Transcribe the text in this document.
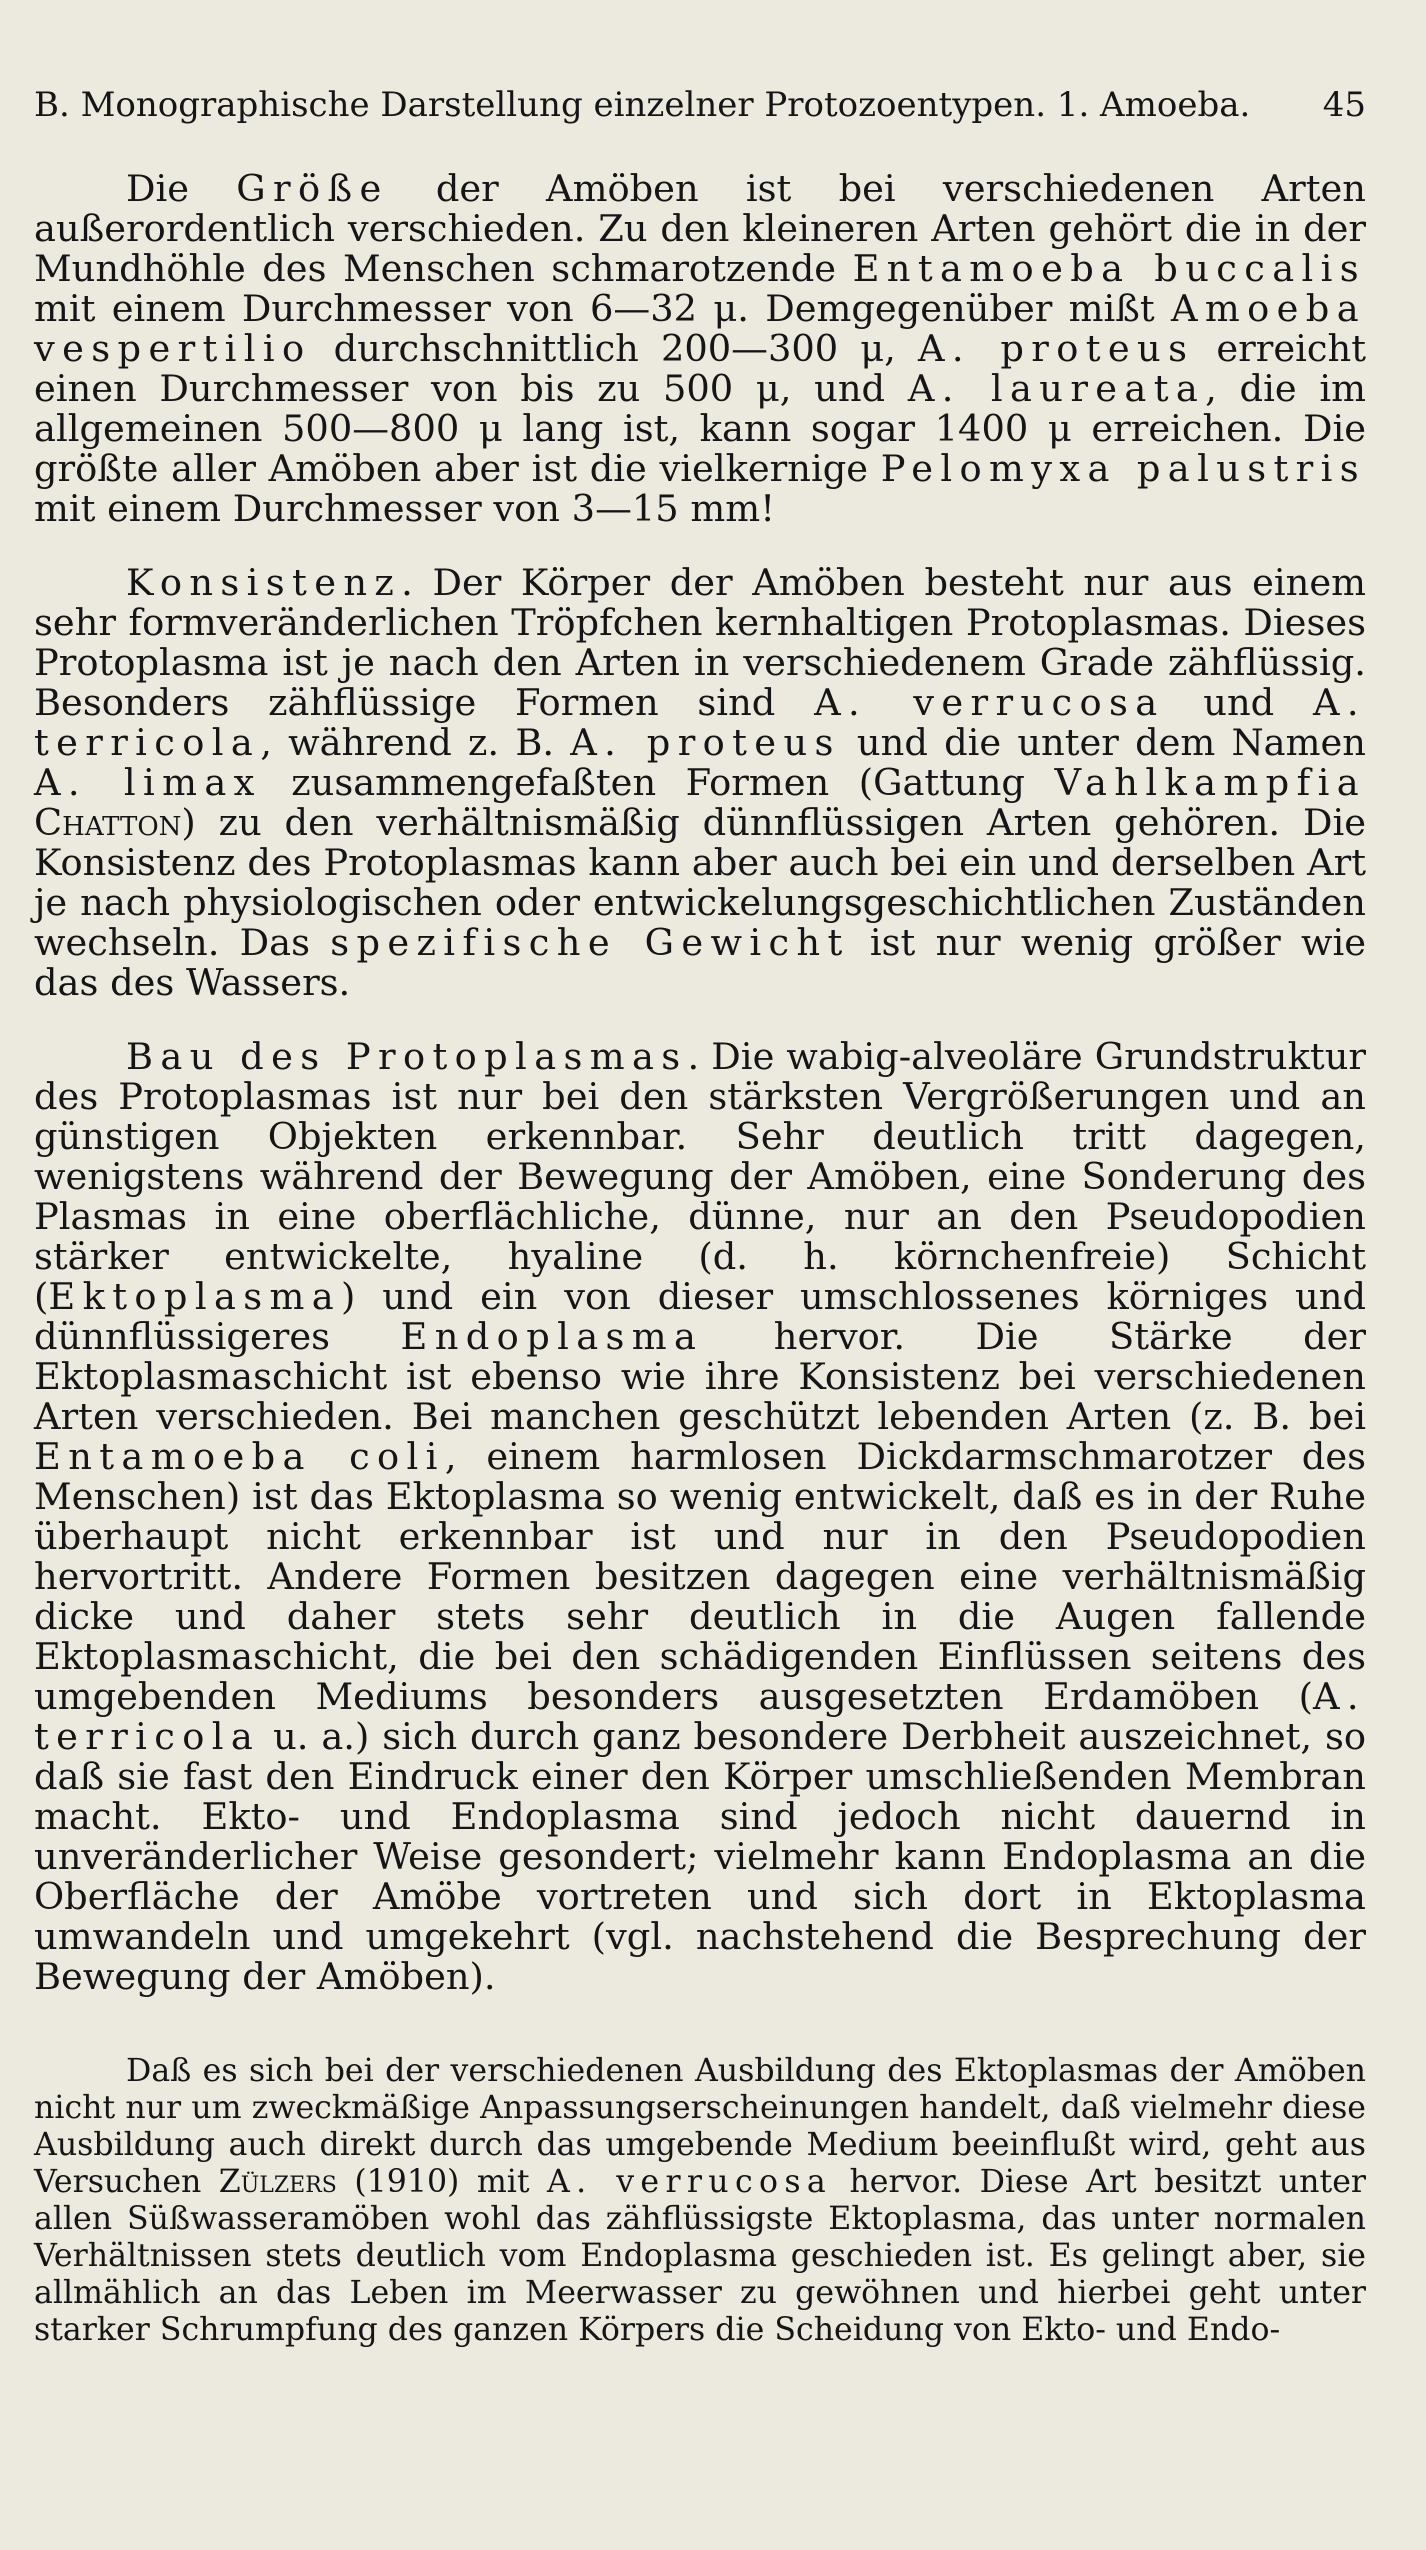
B. Monographische Darstellung einzelner Protozoentypen. 1. Amoeba. 45

Die Größe der Amöben ist bei verschiedenen Arten außerordentlich verschieden. Zu den kleineren Arten gehört die in der Mundhöhle des Menschen schmarotzende Entamoeba buccalis mit einem Durchmesser von 6—32 μ. Demgegenüber mißt Amoeba vespertilio durchschnittlich 200—300 μ, A. proteus erreicht einen Durchmesser von bis zu 500 μ, und A. laureata, die im allgemeinen 500—800 μ lang ist, kann sogar 1400 μ erreichen. Die größte aller Amöben aber ist die vielkernige Pelomyxa palustris mit einem Durchmesser von 3—15 mm!

Konsistenz. Der Körper der Amöben besteht nur aus einem sehr formveränderlichen Tröpfchen kernhaltigen Protoplasmas. Dieses Protoplasma ist je nach den Arten in verschiedenem Grade zähflüssig. Besonders zähflüssige Formen sind A. verrucosa und A. terricola, während z. B. A. proteus und die unter dem Namen A. limax zusammengefaßten Formen (Gattung Vahlkampfia Chatton) zu den verhältnismäßig dünnflüssigen Arten gehören. Die Konsistenz des Protoplasmas kann aber auch bei ein und derselben Art je nach physiologischen oder entwickelungsgeschichtlichen Zuständen wechseln. Das spezifische Gewicht ist nur wenig größer wie das des Wassers.

Bau des Protoplasmas. Die wabig-alveoläre Grundstruktur des Protoplasmas ist nur bei den stärksten Vergrößerungen und an günstigen Objekten erkennbar. Sehr deutlich tritt dagegen, wenigstens während der Bewegung der Amöben, eine Sonderung des Plasmas in eine oberflächliche, dünne, nur an den Pseudopodien stärker entwickelte, hyaline (d. h. körnchenfreie) Schicht (Ektoplasma) und ein von dieser umschlossenes körniges und dünnflüssigeres Endoplasma hervor. Die Stärke der Ektoplasmaschicht ist ebenso wie ihre Konsistenz bei verschiedenen Arten verschieden. Bei manchen geschützt lebenden Arten (z. B. bei Entamoeba coli, einem harmlosen Dickdarmschmarotzer des Menschen) ist das Ektoplasma so wenig entwickelt, daß es in der Ruhe überhaupt nicht erkennbar ist und nur in den Pseudopodien hervortritt. Andere Formen besitzen dagegen eine verhältnismäßig dicke und daher stets sehr deutlich in die Augen fallende Ektoplasmaschicht, die bei den schädigenden Einflüssen seitens des umgebenden Mediums besonders ausgesetzten Erdamöben (A. terricola u. a.) sich durch ganz besondere Derbheit auszeichnet, so daß sie fast den Eindruck einer den Körper umschließenden Membran macht. Ekto- und Endoplasma sind jedoch nicht dauernd in unveränderlicher Weise gesondert; vielmehr kann Endoplasma an die Oberfläche der Amöbe vortreten und sich dort in Ektoplasma umwandeln und umgekehrt (vgl. nachstehend die Besprechung der Bewegung der Amöben).

Daß es sich bei der verschiedenen Ausbildung des Ektoplasmas der Amöben nicht nur um zweckmäßige Anpassungserscheinungen handelt, daß vielmehr diese Ausbildung auch direkt durch das umgebende Medium beeinflußt wird, geht aus Versuchen Zülzers (1910) mit A. verrucosa hervor. Diese Art besitzt unter allen Süßwasseramöben wohl das zähflüssigste Ektoplasma, das unter normalen Verhältnissen stets deutlich vom Endoplasma geschieden ist. Es gelingt aber, sie allmählich an das Leben im Meerwasser zu gewöhnen und hierbei geht unter starker Schrumpfung des ganzen Körpers die Scheidung von Ekto- und Endo-
